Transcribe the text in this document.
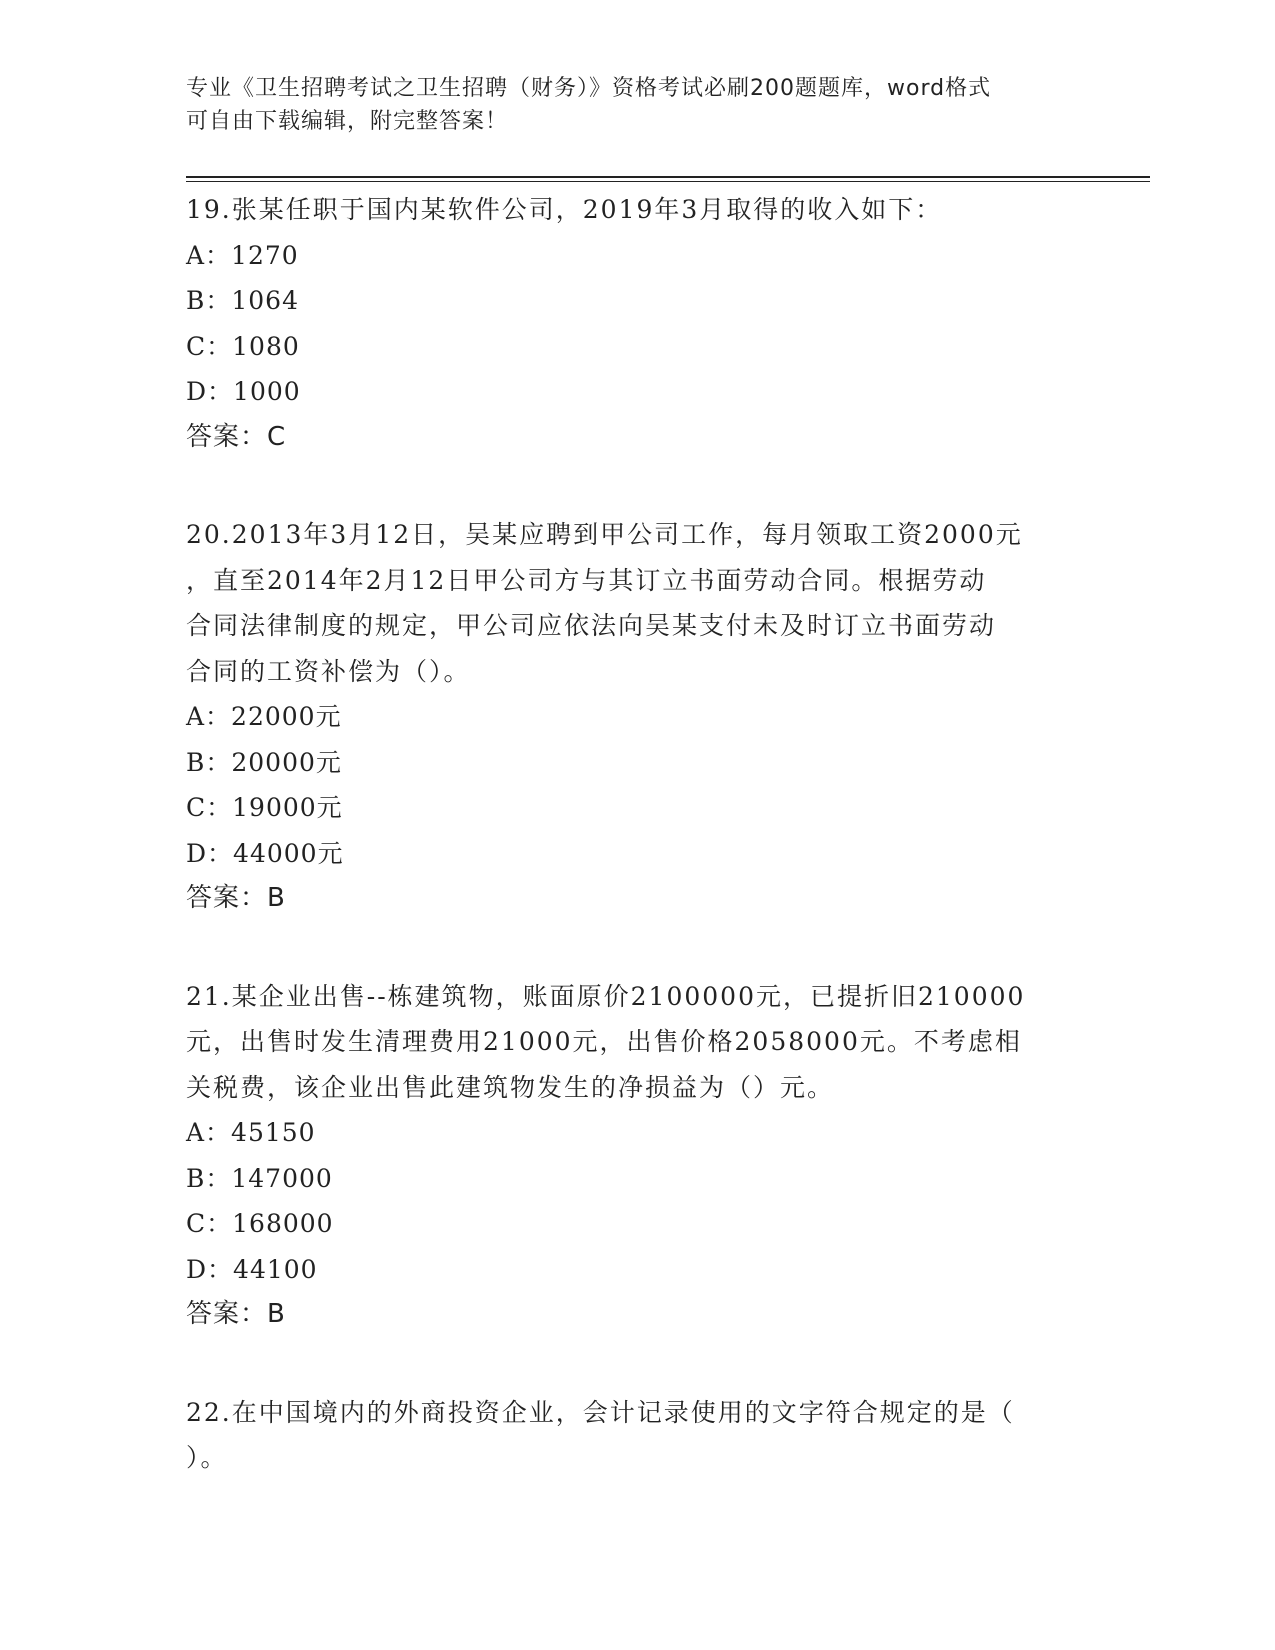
专业《卫生招聘考试之卫生招聘（财务）》资格考试必刷200题题库，word格式
可自由下载编辑，附完整答案！

19.张某任职于国内某软件公司，2019年3月取得的收入如下：

A：1270

B：1064

C：1080

D：1000

答案：C

20.2013年3月12日，吴某应聘到甲公司工作，每月领取工资2000元
，直至2014年2月12日甲公司方与其订立书面劳动合同。根据劳动
合同法律制度的规定，甲公司应依法向吴某支付未及时订立书面劳动
合同的工资补偿为（）。

A：22000元

B：20000元

C：19000元

D：44000元

答案：B

21.某企业出售--栋建筑物，账面原价2100000元，已提折旧210000
元，出售时发生清理费用21000元，出售价格2058000元。不考虑相
关税费，该企业出售此建筑物发生的净损益为（）元。

A：45150

B：147000

C：168000

D：44100

答案：B

22.在中国境内的外商投资企业，会计记录使用的文字符合规定的是（
）。
